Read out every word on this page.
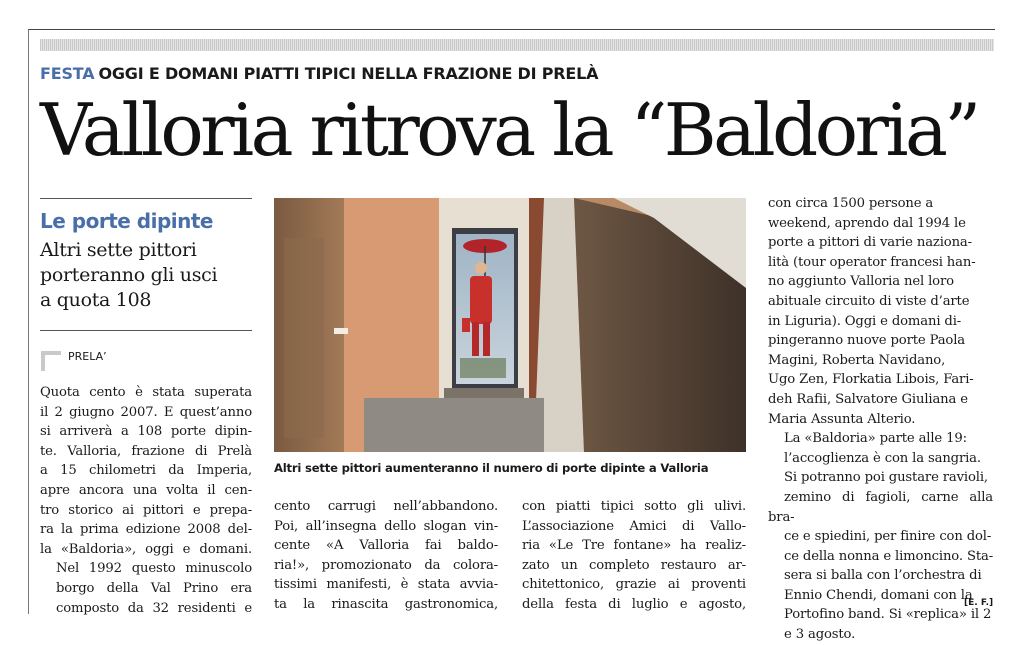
FESTA OGGI E DOMANI PIATTI TIPICI NELLA FRAZIONE DI PRELÀ
Valloria ritrova la “Baldoria”
Le porte dipinte
Altri sette pittori
porteranno gli usci
a quota 108
PRELA’

Quota cento è stata superata
il 2 giugno 2007. E quest’anno
si arriverà a 108 porte dipin-
te. Valloria, frazione di Prelà
a 15 chilometri da Imperia,
apre ancora una volta il cen-
tro storico ai pittori e prepa-
ra la prima edizione 2008 del-
la «Baldoria», oggi e domani.

Nel 1992 questo minuscolo
borgo della Val Prino era
composto da 32 residenti e

Altri sette pittori aumenteranno il numero di porte dipinte a Valloria

cento carrugi nell’abbandono.
Poi, all’insegna dello slogan vin-
cente «A Valloria fai baldo-
ria!», promozionato da colora-
tissimi manifesti, è stata avvia-
ta la rinascita gastronomica,

con piatti tipici sotto gli ulivi.
L’associazione Amici di Vallo-
ria «Le Tre fontane» ha realiz-
zato un completo restauro ar-
chitettonico, grazie ai proventi
della festa di luglio e agosto,

con circa 1500 persone a
weekend, aprendo dal 1994 le
porte a pittori di varie naziona-
lità (tour operator francesi han-
no aggiunto Valloria nel loro
abituale circuito di viste d’arte
in Liguria). Oggi e domani di-
pingeranno nuove porte Paola
Magini, Roberta Navidano,
Ugo Zen, Florkatia Libois, Fari-
deh Rafii, Salvatore Giuliana e
Maria Assunta Alterio.

La «Baldoria» parte alle 19:
l’accoglienza è con la sangria.
Si potranno poi gustare ravioli,
zemino di fagioli, carne alla bra-
ce e spiedini, per finire con dol-
ce della nonna e limoncino. Sta-
sera si balla con l’orchestra di
Ennio Chendi, domani con la
Portofino band. Si «replica» il 2
e 3 agosto.

[E. F.]
